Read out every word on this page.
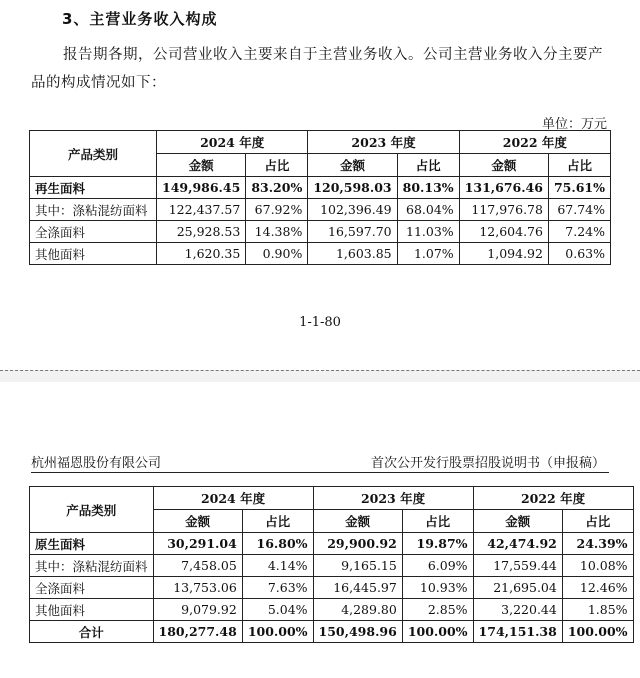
3、主营业务收入构成
报告期各期，公司营业收入主要来自于主营业务收入。公司主营业务收入分主要产品的构成情况如下：
单位：万元
产品类别	2024 年度		2023 年度		2022 年度	
	金额	占比	金额	占比	金额	占比
再生面料	149,986.45	83.20%	120,598.03	80.13%	131,676.46	75.61%
其中：涤粘混纺面料	122,437.57	67.92%	102,396.49	68.04%	117,976.78	67.74%
全涤面料	25,928.53	14.38%	16,597.70	11.03%	12,604.76	7.24%
其他面料	1,620.35	0.90%	1,603.85	1.07%	1,094.92	0.63%
1-1-80
杭州福恩股份有限公司	首次公开发行股票招股说明书（申报稿）
产品类别	2024 年度		2023 年度		2022 年度	
	金额	占比	金额	占比	金额	占比
原生面料	30,291.04	16.80%	29,900.92	19.87%	42,474.92	24.39%
其中：涤粘混纺面料	7,458.05	4.14%	9,165.15	6.09%	17,559.44	10.08%
全涤面料	13,753.06	7.63%	16,445.97	10.93%	21,695.04	12.46%
其他面料	9,079.92	5.04%	4,289.80	2.85%	3,220.44	1.85%
合计	180,277.48	100.00%	150,498.96	100.00%	174,151.38	100.00%
